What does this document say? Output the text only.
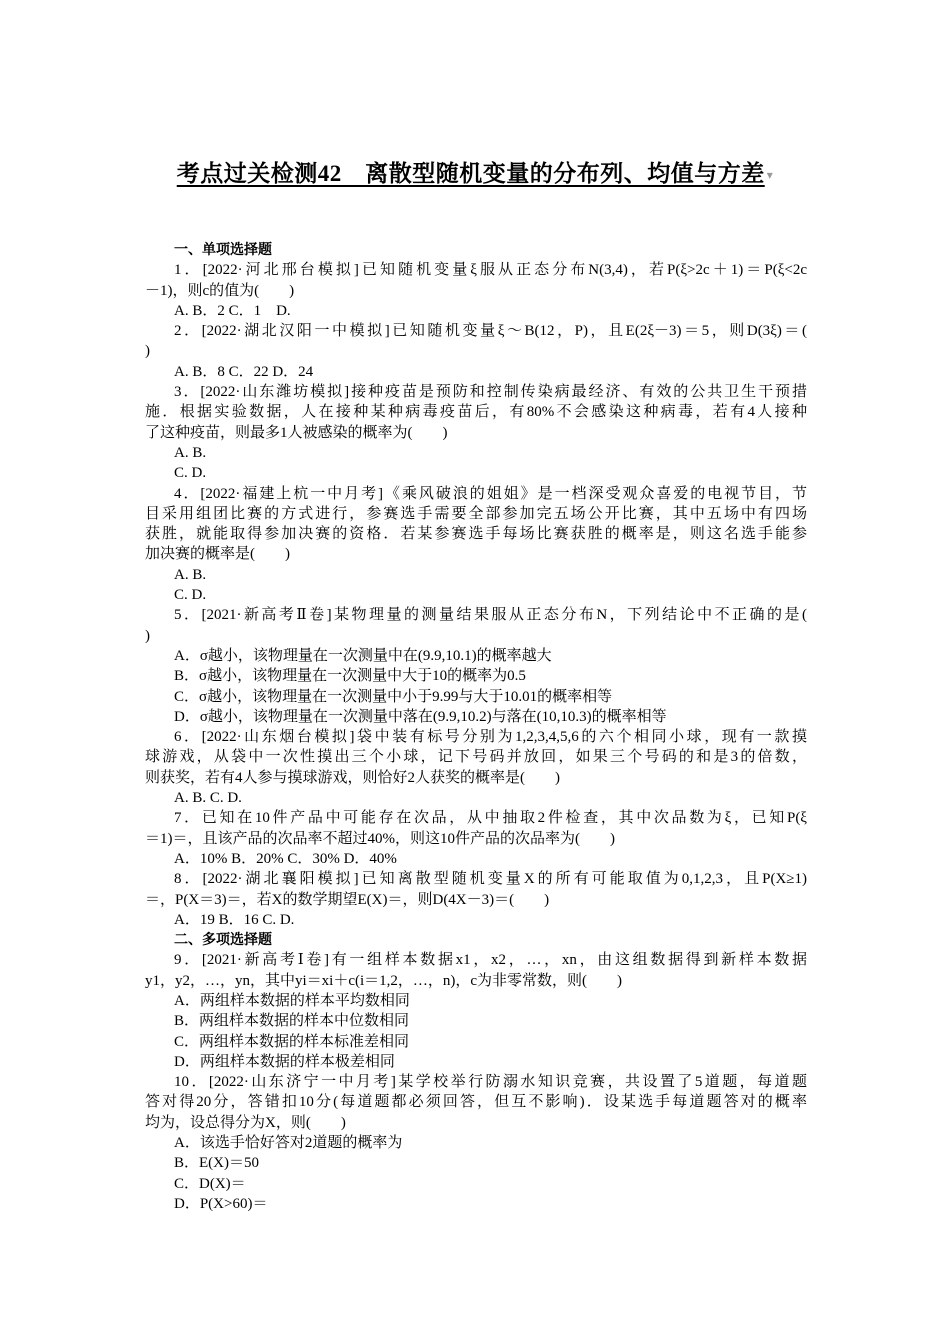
考点过关检测42　离散型随机变量的分布列、均值与方差 ▾
一、单项选择题
1．[2022·河北邢台模拟]已知随机变量ξ服从正态分布N(3,4)，若P(ξ>2c＋1)＝P(ξ<2c
－1)，则c的值为(　　)
A. B．2 C．1　D.
2．[2022·湖北汉阳一中模拟]已知随机变量ξ～B(12，P)，且E(2ξ－3)＝5，则D(3ξ)＝(
)
A. B．8 C．22 D．24
3．[2022·山东潍坊模拟]接种疫苗是预防和控制传染病最经济、有效的公共卫生干预措
施．根据实验数据，人在接种某种病毒疫苗后，有80%不会感染这种病毒，若有4人接种
了这种疫苗，则最多1人被感染的概率为(　　)
A. B.
C. D.
4．[2022·福建上杭一中月考]《乘风破浪的姐姐》是一档深受观众喜爱的电视节目，节
目采用组团比赛的方式进行，参赛选手需要全部参加完五场公开比赛，其中五场中有四场
获胜，就能取得参加决赛的资格．若某参赛选手每场比赛获胜的概率是，则这名选手能参
加决赛的概率是(　　)
A. B.
C. D.
5．[2021·新高考Ⅱ卷]某物理量的测量结果服从正态分布N，下列结论中不正确的是(
)
A．σ越小，该物理量在一次测量中在(9.9,10.1)的概率越大
B．σ越小，该物理量在一次测量中大于10的概率为0.5
C．σ越小，该物理量在一次测量中小于9.99与大于10.01的概率相等
D．σ越小，该物理量在一次测量中落在(9.9,10.2)与落在(10,10.3)的概率相等
6．[2022·山东烟台模拟]袋中装有标号分别为1,2,3,4,5,6的六个相同小球，现有一款摸
球游戏，从袋中一次性摸出三个小球，记下号码并放回，如果三个号码的和是3的倍数，
则获奖，若有4人参与摸球游戏，则恰好2人获奖的概率是(　　)
A. B. C. D.
7．已知在10件产品中可能存在次品，从中抽取2件检查，其中次品数为ξ，已知P(ξ
＝1)＝，且该产品的次品率不超过40%，则这10件产品的次品率为(　　)
A．10% B．20% C．30% D．40%
8．[2022·湖北襄阳模拟]已知离散型随机变量X的所有可能取值为0,1,2,3，且P(X≥1)
＝，P(X＝3)＝，若X的数学期望E(X)＝，则D(4X－3)＝(　　)
A．19 B．16 C. D.
二、多项选择题
9．[2021·新高考Ⅰ卷]有一组样本数据x1，x2，…，xn，由这组数据得到新样本数据
y1，y2，…，yn，其中yi＝xi＋c(i＝1,2，…，n)，c为非零常数，则(　　)
A．两组样本数据的样本平均数相同
B．两组样本数据的样本中位数相同
C．两组样本数据的样本标准差相同
D．两组样本数据的样本极差相同
10．[2022·山东济宁一中月考]某学校举行防溺水知识竞赛，共设置了5道题，每道题
答对得20分，答错扣10分(每道题都必须回答，但互不影响)．设某选手每道题答对的概率
均为，设总得分为X，则(　　)
A．该选手恰好答对2道题的概率为
B．E(X)＝50
C．D(X)＝
D．P(X>60)＝
